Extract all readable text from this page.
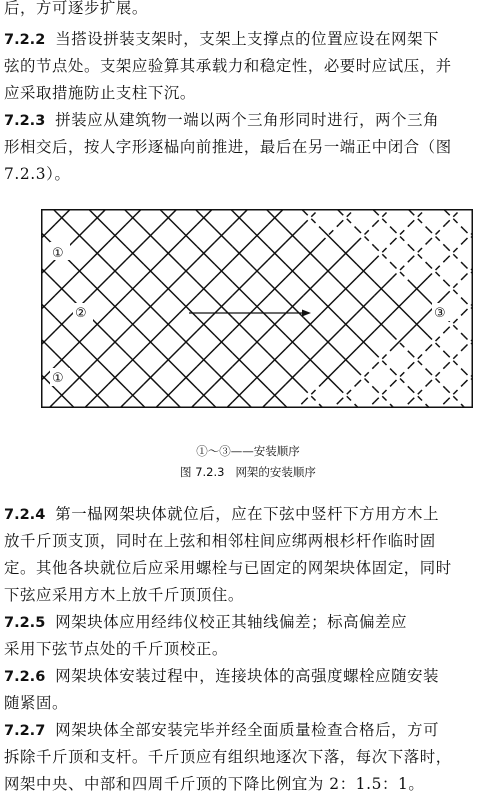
后，方可逐步扩展。
7.2.2 当搭设拼装支架时，支架上支撑点的位置应设在网架下
弦的节点处。支架应验算其承载力和稳定性，必要时应试压，并
应采取措施防止支柱下沉。
7.2.3 拼装应从建筑物一端以两个三角形同时进行，两个三角
形相交后，按人字形逐榀向前推进，最后在另一端正中闭合（图
7.2.3）。
①
②
①
③
①～③——安装顺序
图 7.2.3 网架的安装顺序
7.2.4 第一榀网架块体就位后，应在下弦中竖杆下方用方木上
放千斤顶支顶，同时在上弦和相邻柱间应绑两根杉杆作临时固
定。其他各块就位后应采用螺栓与已固定的网架块体固定，同时
下弦应采用方木上放千斤顶顶住。
7.2.5 网架块体应用经纬仪校正其轴线偏差；标高偏差应
采用下弦节点处的千斤顶校正。
7.2.6 网架块体安装过程中，连接块体的高强度螺栓应随安装
随紧固。
7.2.7 网架块体全部安装完毕并经全面质量检查合格后，方可
拆除千斤顶和支杆。千斤顶应有组织地逐次下落，每次下落时，
网架中央、中部和四周千斤顶的下降比例宜为 2：1.5：1。
